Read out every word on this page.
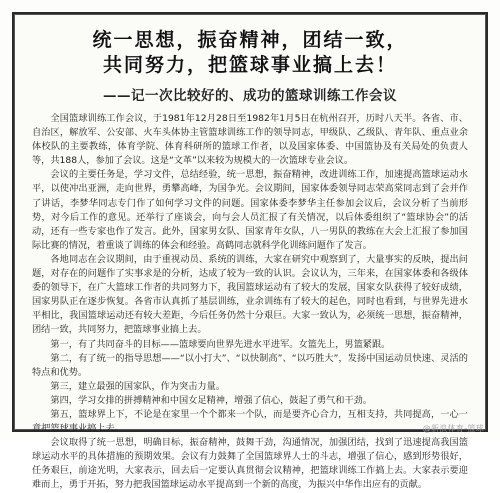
统一思想，振奋精神，团结一致，
共同努力，把篮球事业搞上去！
——记一次比较好的、成功的篮球训练工作会议

全国篮球训练工作会议，于1981年12月28日至1982年1月5日在杭州召开，历时八天半。各省、市、自治区，解放军、公安部、火车头体协主管篮球训练工作的领导同志，甲级队、乙级队、青年队、重点业余体校队的主要教练，体育学院、体育科研所的篮球工作者，以及国家体委、中国篮协及有关局处的负责人等，共188人，参加了会议。这是“文革”以来较为规模大的一次篮球专业会议。

会议的主要任务是，学习文件，总结经验，统一思想，振奋精神，改进训练工作，加速提高篮球运动水平，以使冲出亚洲，走向世界，勇攀高峰，为国争光。会议期间，国家体委领导同志荣高棠同志到了会并作了讲话，李梦华同志专门作了如何学习文件的问题。国家体委李梦华主任参加会议后，会议分析了当前形势，对今后工作的意见。还举行了座谈会，向与会人员汇报了有关情况，以后体委组织了“篮球协会”的活动，还有一些专家也作了发言。此外，国家男女队、国家青年女队，八一男队的教练在大会上汇报了参加国际比赛的情况，着重谈了训练的体会和经验。高鹤同志就科学化训练问题作了发言。

各地同志在会议期间，由于重视动员、系统的训练，大家在研究中观察到了，大量事实的反映，提出问题，对存在的问题作了实事求是的分析，达成了较为一致的认识。会议认为，三年来，在国家体委和各级体委的领导下，在广大篮球工作者的共同努力下，我国篮球运动有了较大的发展，国家女队获得了较好成绩，国家男队正在逐步恢复。各省市认真抓了基层训练，业余训练有了较大的起色，同时也看到，与世界先进水平相比，我国篮球运动还有较大差距，今后任务仍然十分艰巨。大家一致认为，必须统一思想，振奋精神，团结一致，共同努力，把篮球事业搞上去。

第一，有了共同奋斗的目标——篮球要向世界先进水平进军。女篮先上，男篮紧跟。

第二，有了统一的指导思想——“以小打大”、“以快制高”、“以巧胜大”，发扬中国运动员快速、灵活的特点和优势。

第三，建立最强的国家队，作为突击力量。

第四，学习女排的拼搏精神和中国女足精神，增强了信心，鼓起了勇气和干劲。

第五，篮球界上下，不论是在家里一个个都来一个队，而是要齐心合力，互相支持，共同提高，一心一意把篮球事业搞上去。

会议取得了统一思想，明确目标，振奋精神，鼓舞干劲，沟通情况，加强团结，找到了迅速提高我国篮球运动水平的具体措施的预期效果。会议有力鼓舞了全国篮球界人士的斗志，增强了信心，感到形势很好，任务艰巨，前途光明，大家表示，回去后一定要认真贯彻会议精神，把篮球训练工作搞上去。大家表示要迎难而上，勇于开拓，努力把我国篮球运动水平提高到一个新的高度，为振兴中华作出应有的贡献。

@新浪体育-篮球
